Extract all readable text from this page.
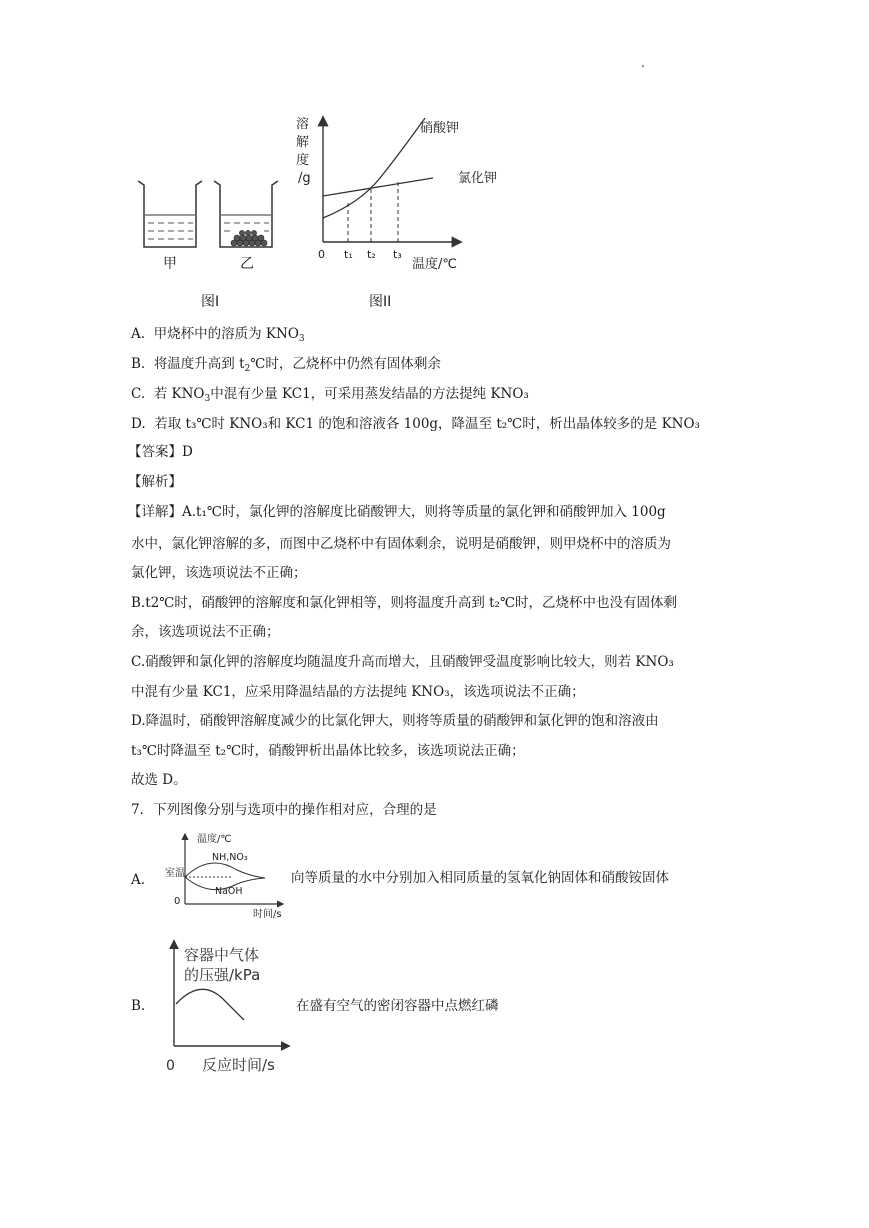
.
甲	乙
图I	图II
溶
解
度
/g
0 t₁ t₂ t₃
温度/℃
硝酸钾
氯化钾
A. 甲烧杯中的溶质为 $KNO_3$
B. 将温度升高到 $t_2℃$时，乙烧杯中仍然有固体剩余
C. 若 $KNO_3$中混有少量 KC1，可采用蒸发结晶的方法提纯 KNO₃
D. 若取 t₃℃时 KNO₃和 KC1 的饱和溶液各 100g，降温至 t₂℃时，析出晶体较多的是 KNO₃
【答案】D
【解析】
【详解】A.t₁℃时，氯化钾的溶解度比硝酸钾大，则将等质量的氯化钾和硝酸钾加入 100g
水中，氯化钾溶解的多，而图中乙烧杯中有固体剩余，说明是硝酸钾，则甲烧杯中的溶质为
氯化钾，该选项说法不正确；
B.t2℃时，硝酸钾的溶解度和氯化钾相等，则将温度升高到 t₂℃时，乙烧杯中也没有固体剩
余，该选项说法不正确；
C.硝酸钾和氯化钾的溶解度均随温度升高而增大，且硝酸钾受温度影响比较大，则若 KNO₃
中混有少量 KC1，应采用降温结晶的方法提纯 KNO₃，该选项说法不正确；
D.降温时，硝酸钾溶解度减少的比氯化钾大，则将等质量的硝酸钾和氯化钾的饱和溶液由
t₃℃时降温至 t₂℃时，硝酸钾析出晶体比较多，该选项说法正确；
故选 D。
7．下列图像分别与选项中的操作相对应，合理的是
A.
温度/℃
室温
NH,NO₃
NaOH
0
时间/s
向等质量的水中分别加入相同质量的氢氧化钠固体和硝酸铵固体
B.
容器中气体
的压强/kPa
0 反应时间/s
在盛有空气的密闭容器中点燃红磷
